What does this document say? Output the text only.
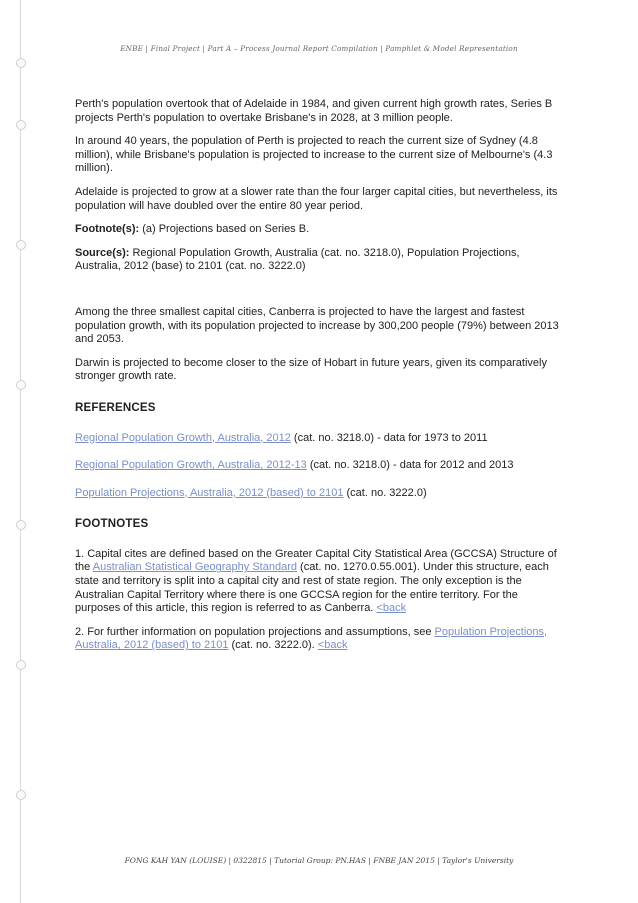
ENBE | Final Project | Part A – Process Journal Report Compilation | Pamphlet & Model Representation

Perth's population overtook that of Adelaide in 1984, and given current high growth rates, Series B projects Perth's population to overtake Brisbane's in 2028, at 3 million people.

In around 40 years, the population of Perth is projected to reach the current size of Sydney (4.8 million), while Brisbane's population is projected to increase to the current size of Melbourne's (4.3 million).

Adelaide is projected to grow at a slower rate than the four larger capital cities, but nevertheless, its population will have doubled over the entire 80 year period.

Footnote(s): (a) Projections based on Series B.

Source(s): Regional Population Growth, Australia (cat. no. 3218.0), Population Projections, Australia, 2012 (base) to 2101 (cat. no. 3222.0)

Among the three smallest capital cities, Canberra is projected to have the largest and fastest population growth, with its population projected to increase by 300,200 people (79%) between 2013 and 2053.

Darwin is projected to become closer to the size of Hobart in future years, given its comparatively stronger growth rate.

REFERENCES

Regional Population Growth, Australia, 2012 (cat. no. 3218.0) - data for 1973 to 2011

Regional Population Growth, Australia, 2012-13 (cat. no. 3218.0) - data for 2012 and 2013

Population Projections, Australia, 2012 (based) to 2101 (cat. no. 3222.0)

FOOTNOTES

1. Capital cites are defined based on the Greater Capital City Statistical Area (GCCSA) Structure of the Australian Statistical Geography Standard (cat. no. 1270.0.55.001). Under this structure, each state and territory is split into a capital city and rest of state region. The only exception is the Australian Capital Territory where there is one GCCSA region for the entire territory. For the purposes of this article, this region is referred to as Canberra. <back

2. For further information on population projections and assumptions, see Population Projections, Australia, 2012 (based) to 2101 (cat. no. 3222.0). <back

FONG KAH YAN (LOUISE) | 0322815 | Tutorial Group: PN.HAS | FNBE JAN 2015 | Taylor's University
